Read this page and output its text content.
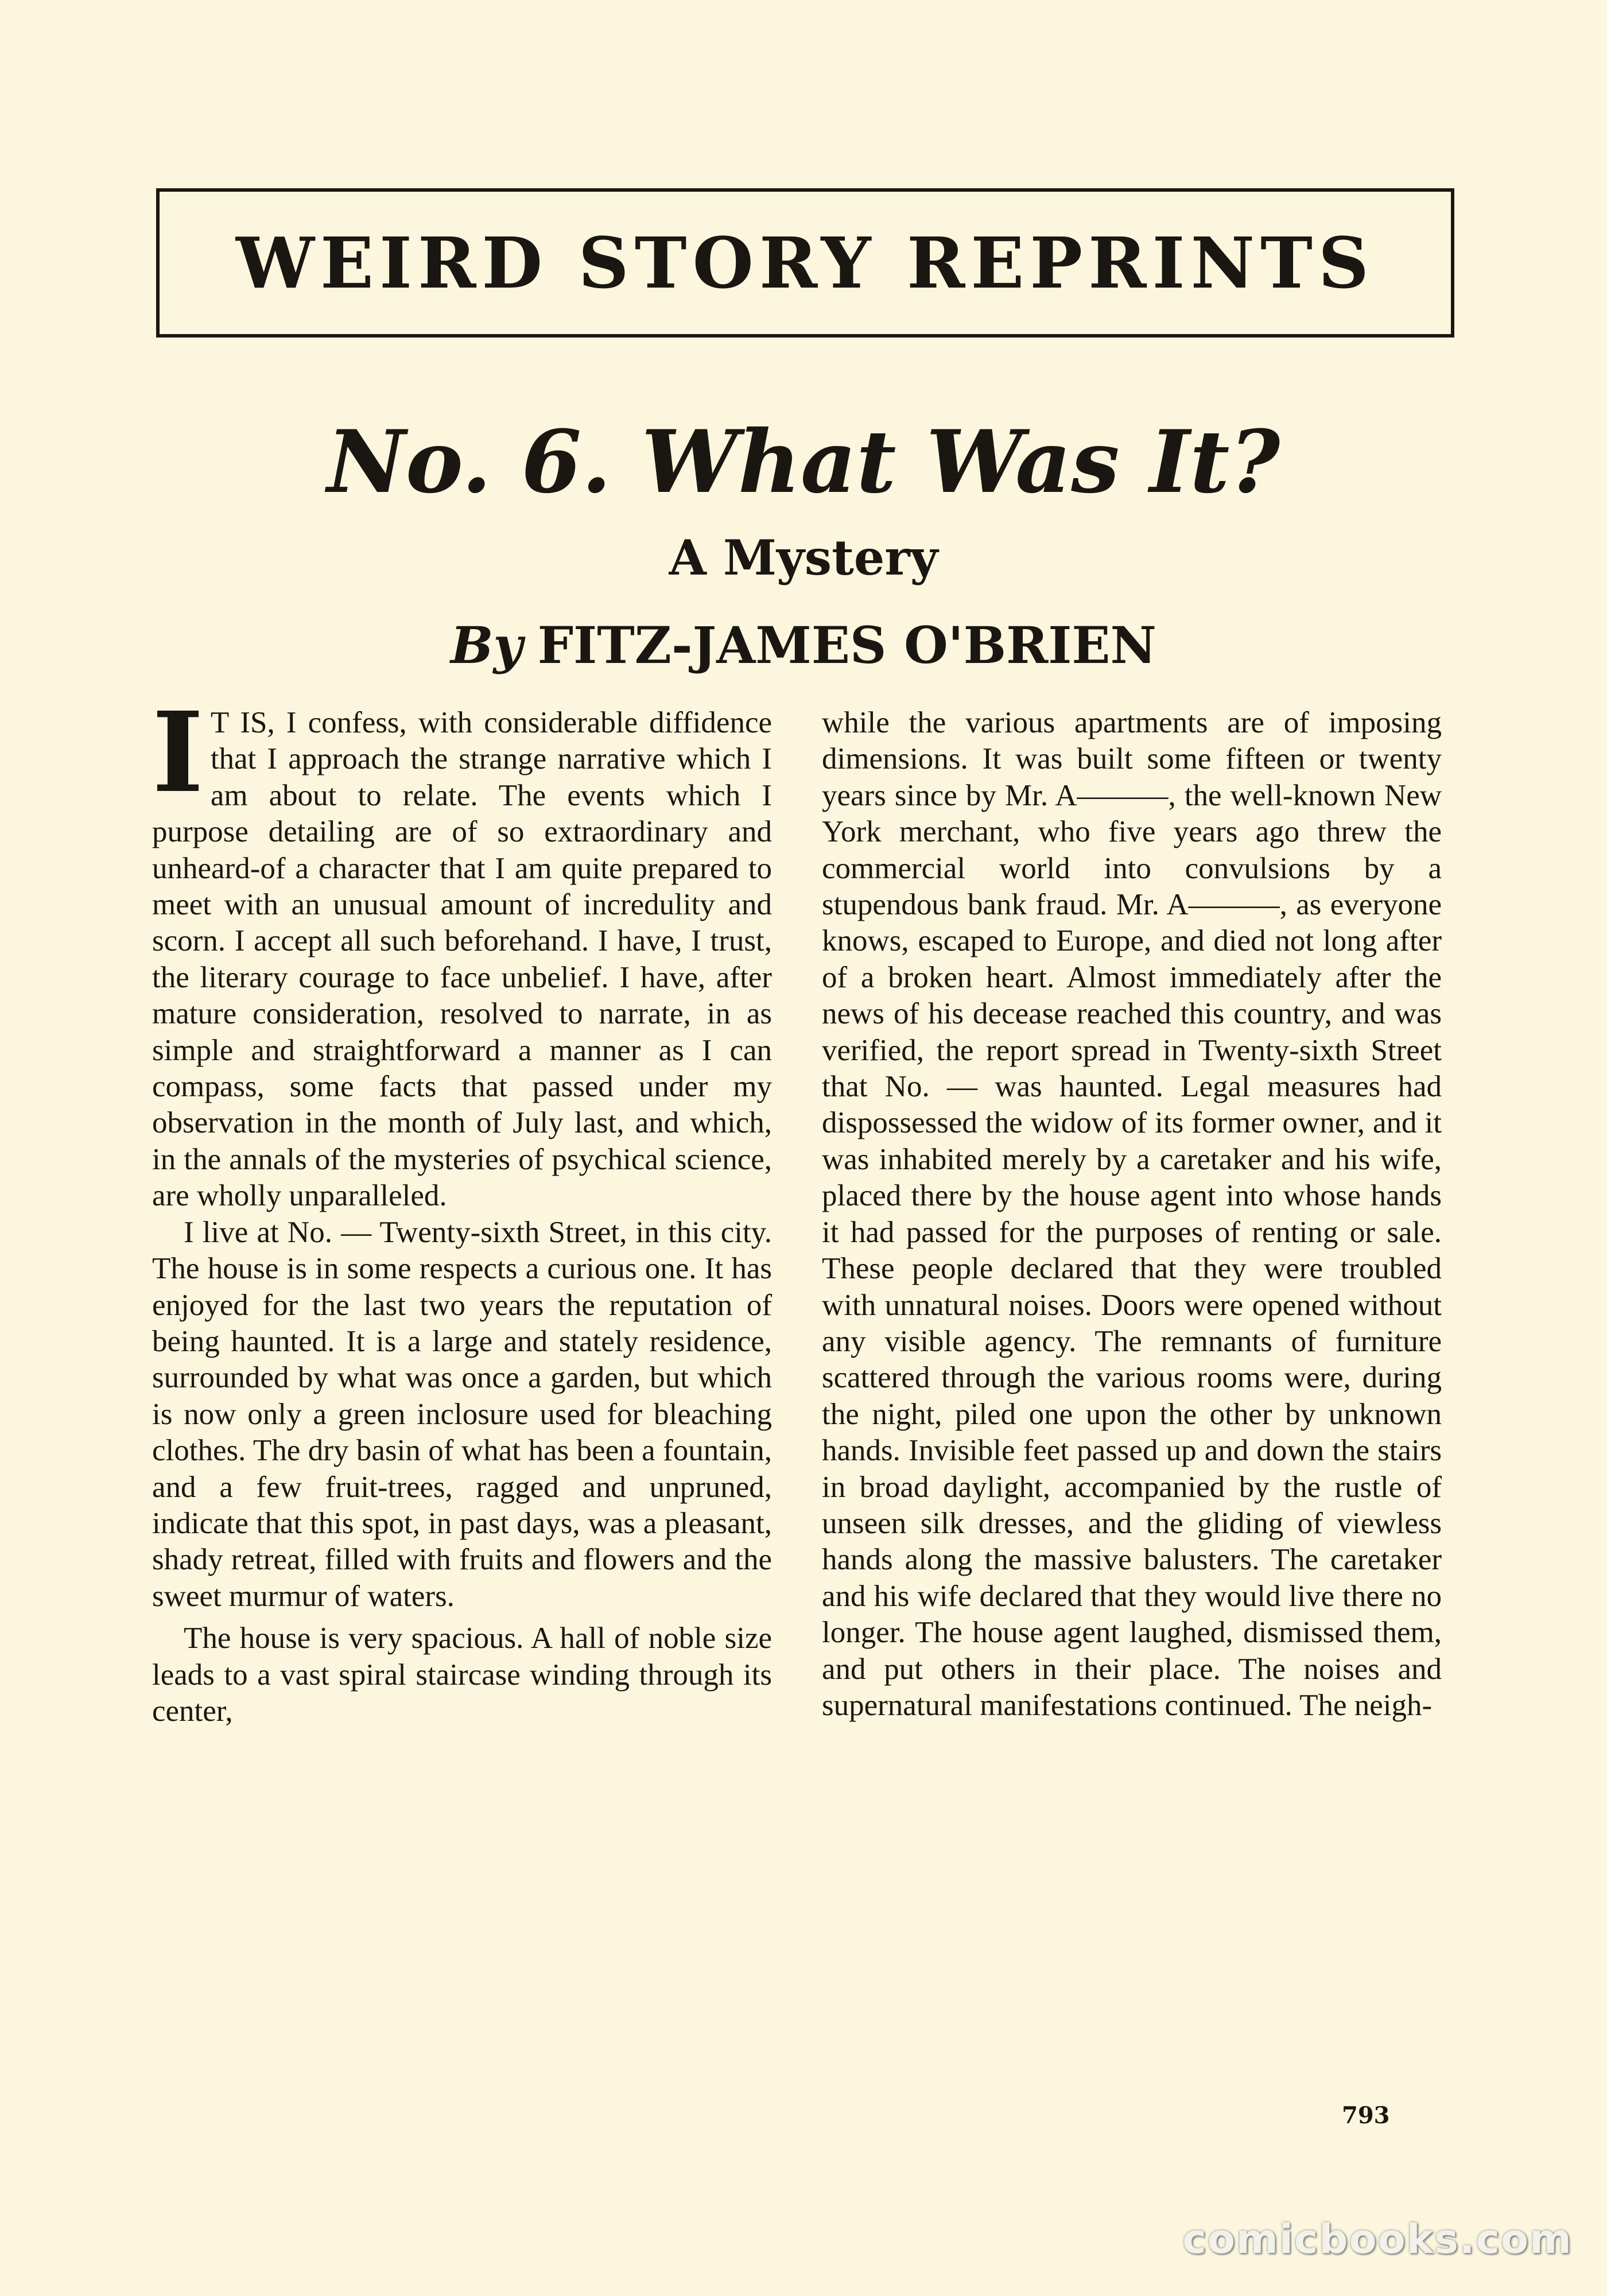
WEIRD STORY REPRINTS
No. 6. What Was It?
A Mystery
By FITZ-JAMES O'BRIEN

I T IS, I confess, with considerable diffidence that I approach the strange narrative which I am about to relate. The events which I purpose detailing are of so extraordinary and unheard-of a character that I am quite prepared to meet with an unusual amount of incredulity and scorn. I accept all such beforehand. I have, I trust, the literary courage to face unbelief. I have, after mature consideration, resolved to narrate, in as simple and straightforward a manner as I can compass, some facts that passed under my observation in the month of July last, and which, in the annals of the mysteries of psychical science, are wholly unparalleled.

I live at No. — Twenty-sixth Street, in this city. The house is in some respects a curious one. It has enjoyed for the last two years the reputation of being haunted. It is a large and stately residence, surrounded by what was once a garden, but which is now only a green inclosure used for bleaching clothes. The dry basin of what has been a fountain, and a few fruit-trees, ragged and unpruned, indicate that this spot, in past days, was a pleasant, shady retreat, filled with fruits and flowers and the sweet murmur of waters.

The house is very spacious. A hall of noble size leads to a vast spiral staircase winding through its center,

while the various apartments are of imposing dimensions. It was built some fifteen or twenty years since by Mr. A———, the well-known New York merchant, who five years ago threw the commercial world into convulsions by a stupendous bank fraud. Mr. A———, as everyone knows, escaped to Europe, and died not long after of a broken heart. Almost immediately after the news of his decease reached this country, and was verified, the report spread in Twenty-sixth Street that No. — was haunted. Legal measures had dispossessed the widow of its former owner, and it was inhabited merely by a caretaker and his wife, placed there by the house agent into whose hands it had passed for the purposes of renting or sale. These people declared that they were troubled with unnatural noises. Doors were opened without any visible agency. The remnants of furniture scattered through the various rooms were, during the night, piled one upon the other by unknown hands. Invisible feet passed up and down the stairs in broad daylight, accompanied by the rustle of unseen silk dresses, and the gliding of viewless hands along the massive balusters. The caretaker and his wife declared that they would live there no longer. The house agent laughed, dismissed them, and put others in their place. The noises and supernatural manifestations continued. The neigh-

793
comicbooks.com
